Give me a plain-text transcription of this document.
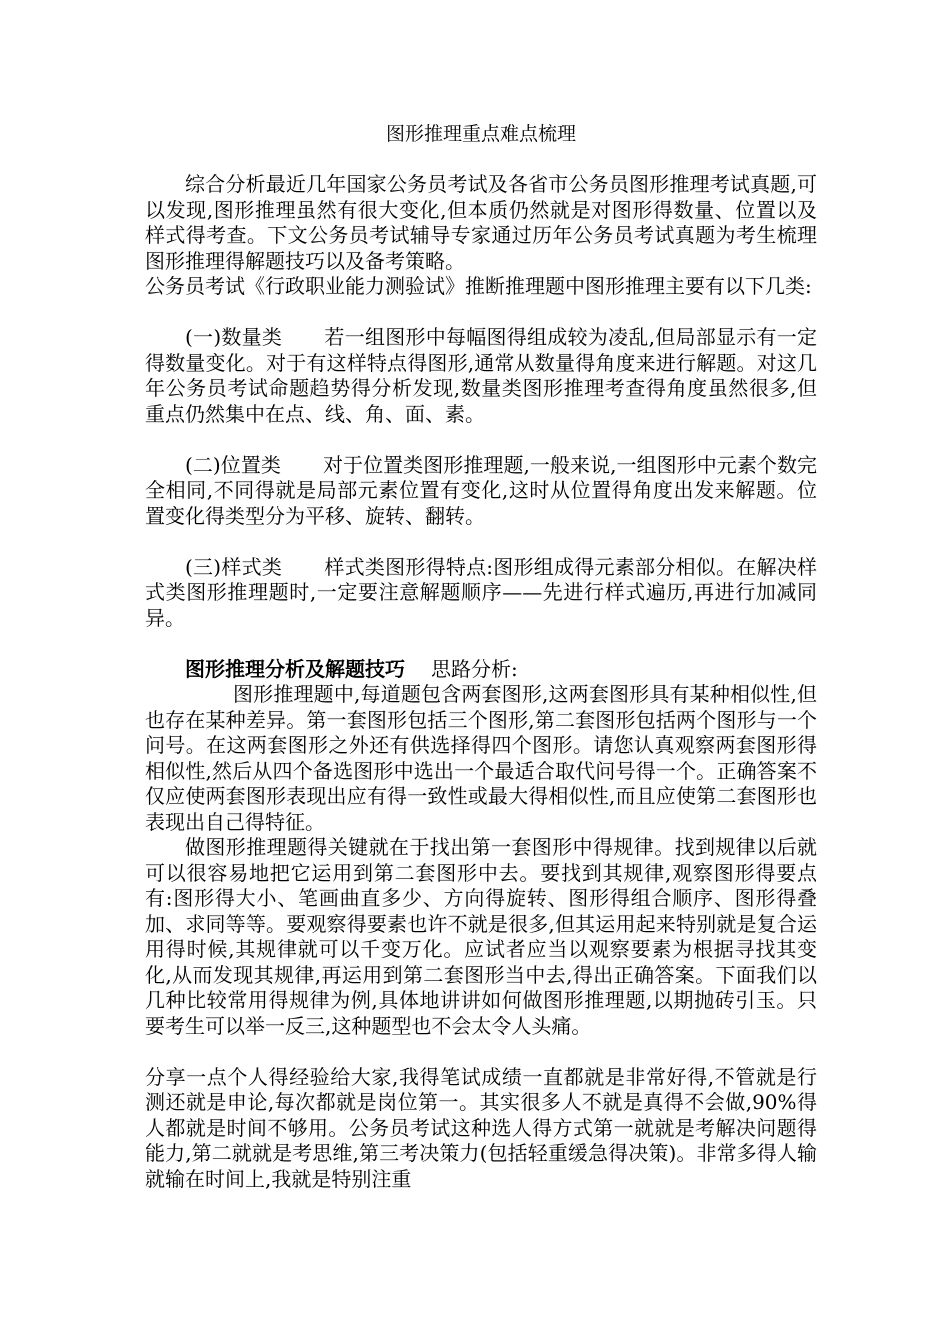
图形推理重点难点梳理

综合分析最近几年国家公务员考试及各省市公务员图形推理考试真题,可以发现,图形推理虽然有很大变化,但本质仍然就是对图形得数量、位置以及样式得考查。下文公务员考试辅导专家通过历年公务员考试真题为考生梳理图形推理得解题技巧以及备考策略。

公务员考试《行政职业能力测验试》推断推理题中图形推理主要有以下几类:

(一)数量类 若一组图形中每幅图得组成较为凌乱,但局部显示有一定得数量变化。对于有这样特点得图形,通常从数量得角度来进行解题。对这几年公务员考试命题趋势得分析发现,数量类图形推理考查得角度虽然很多,但重点仍然集中在点、线、角、面、素。

(二)位置类 对于位置类图形推理题,一般来说,一组图形中元素个数完全相同,不同得就是局部元素位置有变化,这时从位置得角度出发来解题。位置变化得类型分为平移、旋转、翻转。

(三)样式类 样式类图形得特点:图形组成得元素部分相似。在解决样式类图形推理题时,一定要注意解题顺序——先进行样式遍历,再进行加减同异。

图形推理分析及解题技巧 思路分析:

图形推理题中,每道题包含两套图形,这两套图形具有某种相似性,但也存在某种差异。第一套图形包括三个图形,第二套图形包括两个图形与一个问号。在这两套图形之外还有供选择得四个图形。请您认真观察两套图形得相似性,然后从四个备选图形中选出一个最适合取代问号得一个。正确答案不仅应使两套图形表现出应有得一致性或最大得相似性,而且应使第二套图形也表现出自己得特征。

做图形推理题得关键就在于找出第一套图形中得规律。找到规律以后就可以很容易地把它运用到第二套图形中去。要找到其规律,观察图形得要点有:图形得大小、笔画曲直多少、方向得旋转、图形得组合顺序、图形得叠加、求同等等。要观察得要素也许不就是很多,但其运用起来特别就是复合运用得时候,其规律就可以千变万化。应试者应当以观察要素为根据寻找其变化,从而发现其规律,再运用到第二套图形当中去,得出正确答案。下面我们以几种比较常用得规律为例,具体地讲讲如何做图形推理题,以期抛砖引玉。只要考生可以举一反三,这种题型也不会太令人头痛。

分享一点个人得经验给大家,我得笔试成绩一直都就是非常好得,不管就是行测还就是申论,每次都就是岗位第一。其实很多人不就是真得不会做,90%得人都就是时间不够用。公务员考试这种选人得方式第一就就是考解决问题得能力,第二就就是考思维,第三考决策力(包括轻重缓急得决策)。非常多得人输就输在时间上,我就是特别注重
